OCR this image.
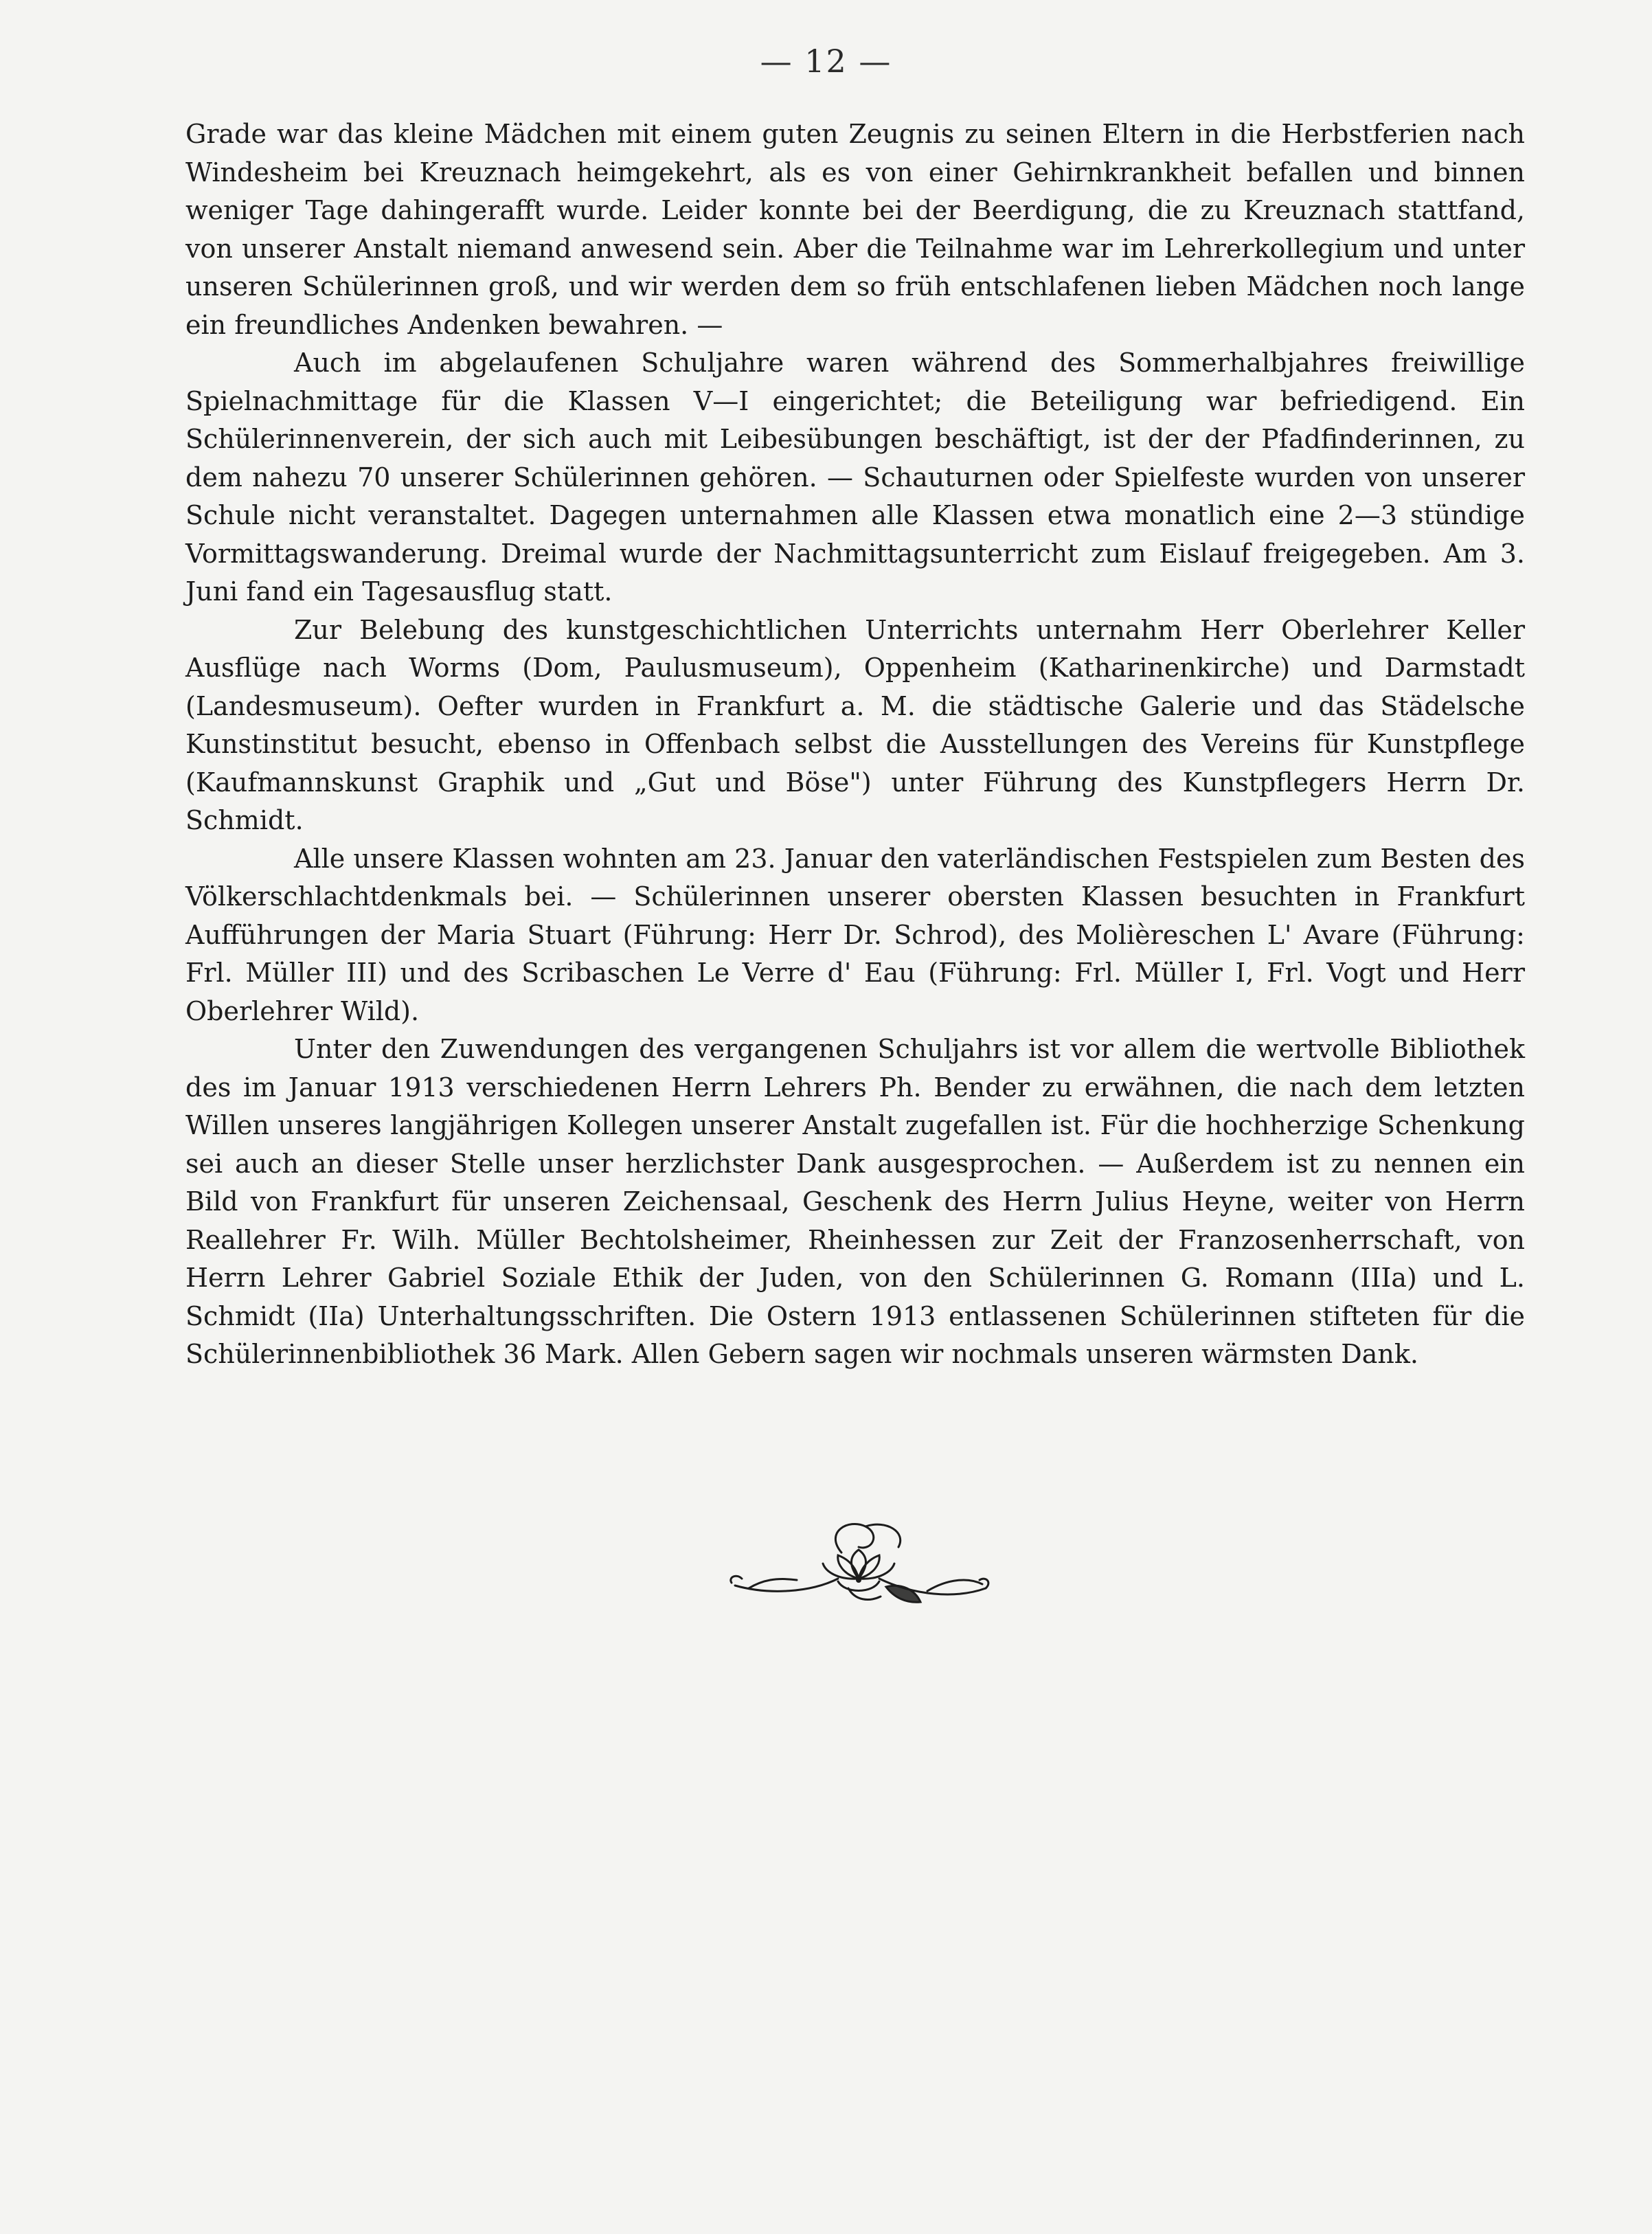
— 12 —

Grade war das kleine Mädchen mit einem guten Zeugnis zu seinen Eltern in die Herbstferien nach Windesheim bei Kreuznach heimgekehrt, als es von einer Gehirnkrankheit befallen und binnen weniger Tage dahingerafft wurde. Leider konnte bei der Beerdigung, die zu Kreuznach stattfand, von unserer Anstalt niemand anwesend sein. Aber die Teilnahme war im Lehrerkollegium und unter unseren Schülerinnen groß, und wir werden dem so früh entschlafenen lieben Mädchen noch lange ein freundliches Andenken bewahren. —

Auch im abgelaufenen Schuljahre waren während des Sommerhalbjahres freiwillige Spielnachmittage für die Klassen V—I eingerichtet; die Beteiligung war befriedigend. Ein Schülerinnenverein, der sich auch mit Leibesübungen beschäftigt, ist der der Pfadfinderinnen, zu dem nahezu 70 unserer Schülerinnen gehören. — Schauturnen oder Spielfeste wurden von unserer Schule nicht veranstaltet. Dagegen unternahmen alle Klassen etwa monatlich eine 2—3 stündige Vormittagswanderung. Dreimal wurde der Nachmittagsunterricht zum Eislauf freigegeben. Am 3. Juni fand ein Tagesausflug statt.

Zur Belebung des kunstgeschichtlichen Unterrichts unternahm Herr Oberlehrer Keller Ausflüge nach Worms (Dom, Paulusmuseum), Oppenheim (Katharinenkirche) und Darmstadt (Landesmuseum). Oefter wurden in Frankfurt a. M. die städtische Galerie und das Städelsche Kunstinstitut besucht, ebenso in Offenbach selbst die Ausstellungen des Vereins für Kunstpflege (Kaufmannskunst Graphik und „Gut und Böse") unter Führung des Kunstpflegers Herrn Dr. Schmidt.

Alle unsere Klassen wohnten am 23. Januar den vaterländischen Festspielen zum Besten des Völkerschlachtdenkmals bei. — Schülerinnen unserer obersten Klassen besuchten in Frankfurt Aufführungen der Maria Stuart (Führung: Herr Dr. Schrod), des Molièreschen L' Avare (Führung: Frl. Müller III) und des Scribaschen Le Verre d' Eau (Führung: Frl. Müller I, Frl. Vogt und Herr Oberlehrer Wild).

Unter den Zuwendungen des vergangenen Schuljahrs ist vor allem die wertvolle Bibliothek des im Januar 1913 verschiedenen Herrn Lehrers Ph. Bender zu erwähnen, die nach dem letzten Willen unseres langjährigen Kollegen unserer Anstalt zugefallen ist. Für die hochherzige Schenkung sei auch an dieser Stelle unser herzlichster Dank ausgesprochen. — Außerdem ist zu nennen ein Bild von Frankfurt für unseren Zeichensaal, Geschenk des Herrn Julius Heyne, weiter von Herrn Reallehrer Fr. Wilh. Müller Bechtolsheimer, Rheinhessen zur Zeit der Franzosenherrschaft, von Herrn Lehrer Gabriel Soziale Ethik der Juden, von den Schülerinnen G. Romann (IIIa) und L. Schmidt (IIa) Unterhaltungsschriften. Die Ostern 1913 entlassenen Schülerinnen stifteten für die Schülerinnenbibliothek 36 Mark. Allen Gebern sagen wir nochmals unseren wärmsten Dank.
